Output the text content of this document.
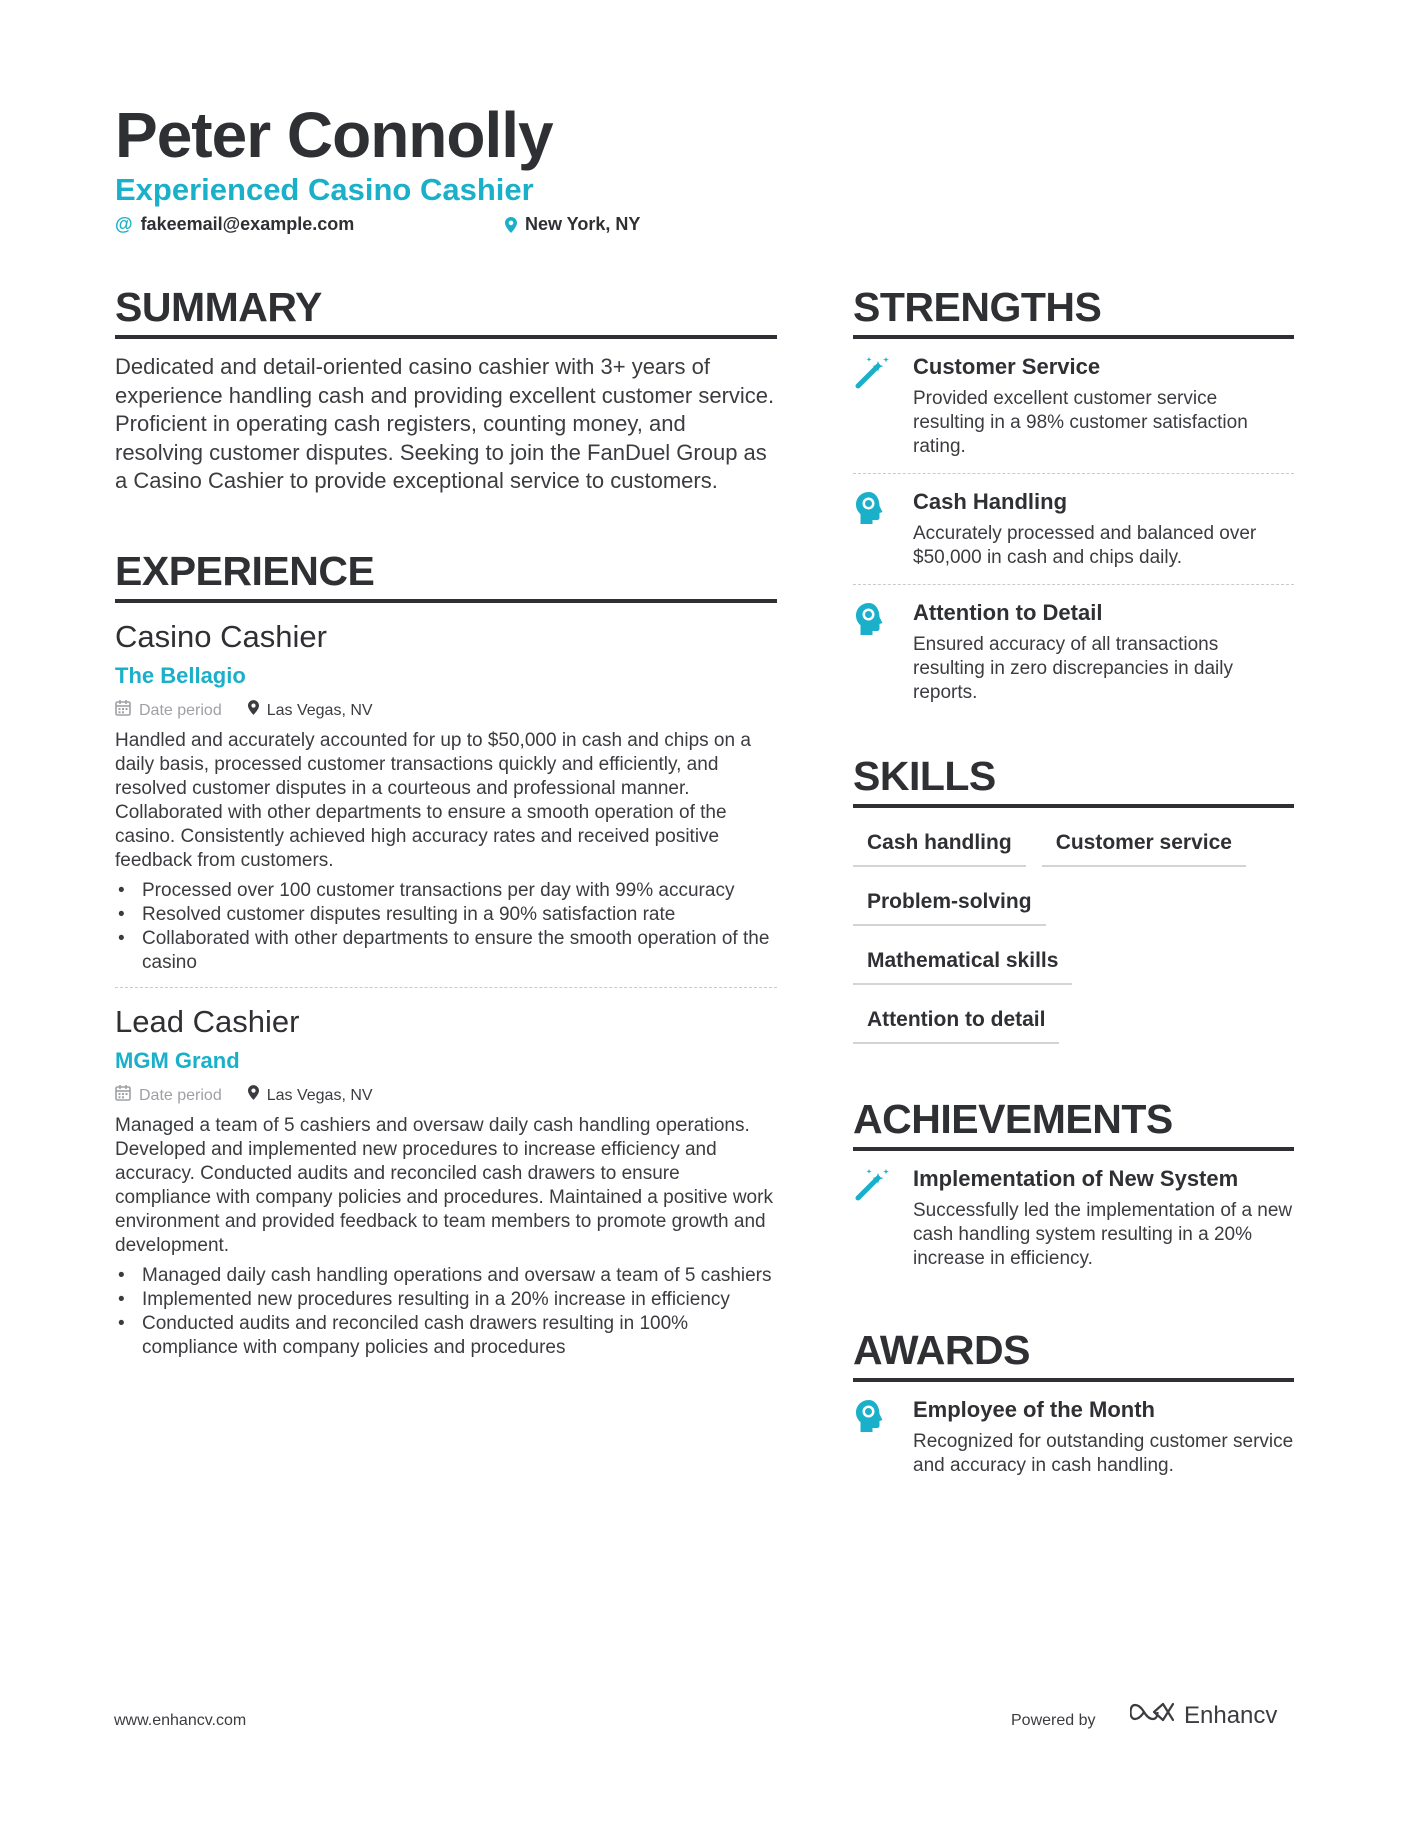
Peter Connolly
Experienced Casino Cashier
@ fakeemail@example.com	New York, NY
SUMMARY

Dedicated and detail-oriented casino cashier with 3+ years of experience handling cash and providing excellent customer service. Proficient in operating cash registers, counting money, and resolving customer disputes. Seeking to join the FanDuel Group as a Casino Cashier to provide exceptional service to customers.

EXPERIENCE
Casino Cashier
The Bellagio
Date period	Las Vegas, NV

Handled and accurately accounted for up to $50,000 in cash and chips on a daily basis, processed customer transactions quickly and efficiently, and resolved customer disputes in a courteous and professional manner. Collaborated with other departments to ensure a smooth operation of the casino. Consistently achieved high accuracy rates and received positive feedback from customers.

• Processed over 100 customer transactions per day with 99% accuracy
• Resolved customer disputes resulting in a 90% satisfaction rate
• Collaborated with other departments to ensure the smooth operation of the casino
Lead Cashier
MGM Grand
Date period	Las Vegas, NV

Managed a team of 5 cashiers and oversaw daily cash handling operations. Developed and implemented new procedures to increase efficiency and accuracy. Conducted audits and reconciled cash drawers to ensure compliance with company policies and procedures. Maintained a positive work environment and provided feedback to team members to promote growth and development.

• Managed daily cash handling operations and oversaw a team of 5 cashiers
• Implemented new procedures resulting in a 20% increase in efficiency
• Conducted audits and reconciled cash drawers resulting in 100% compliance with company policies and procedures
STRENGTHS
Customer Service

Provided excellent customer service resulting in a 98% customer satisfaction rating.

Cash Handling

Accurately processed and balanced over $50,000 in cash and chips daily.

Attention to Detail

Ensured accuracy of all transactions resulting in zero discrepancies in daily reports.

SKILLS
Cash handling	Customer service
Problem-solving
Mathematical skills
Attention to detail
ACHIEVEMENTS
Implementation of New System

Successfully led the implementation of a new cash handling system resulting in a 20% increase in efficiency.

AWARDS
Employee of the Month

Recognized for outstanding customer service and accuracy in cash handling.

www.enhancv.com	Powered by	Enhancv
